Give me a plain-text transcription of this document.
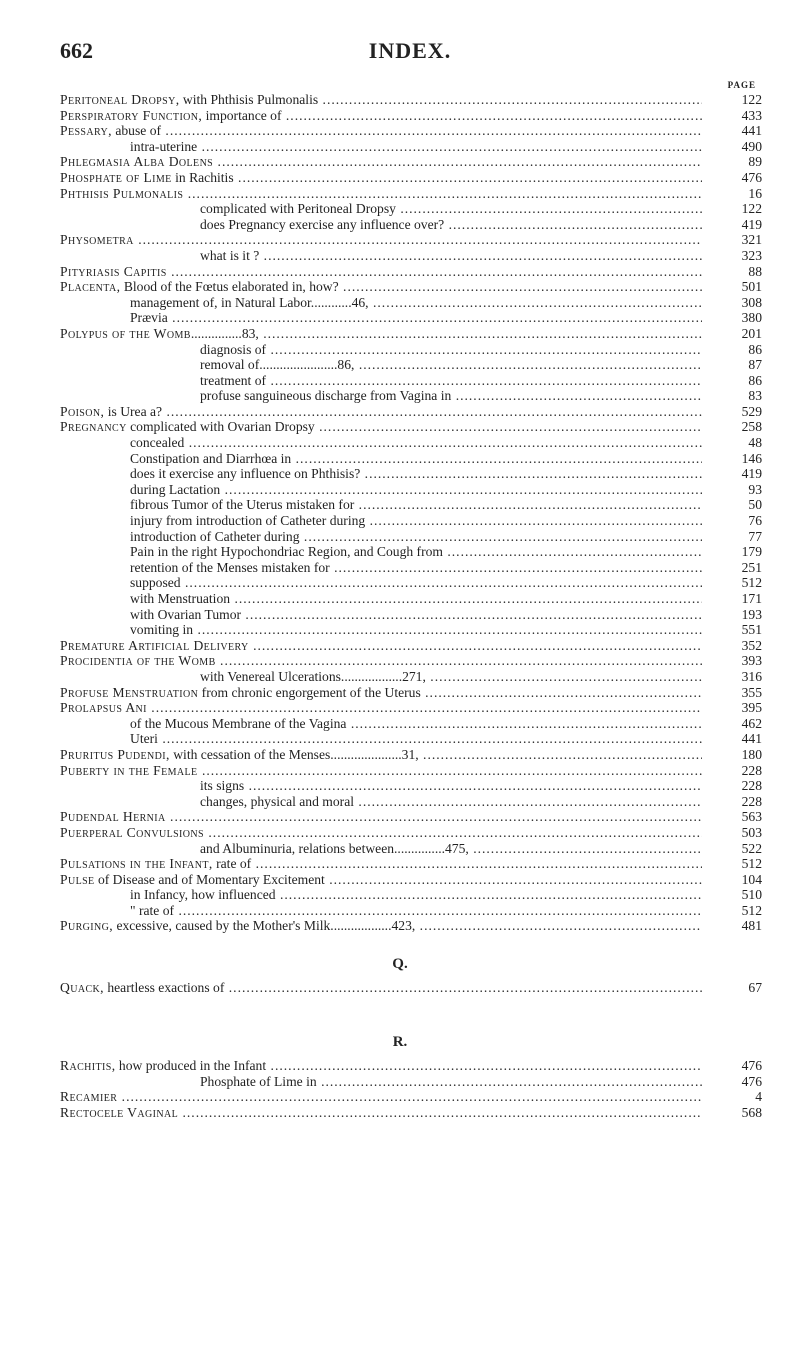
662	INDEX.
PAGE
Peritoneal Dropsy, with Phthisis Pulmonalis .....	122
Perspiratory Function, importance of .....	433
Pessary, abuse of .....	441
intra-uterine .....	490
Phlegmasia Alba Dolens .....	89
Phosphate of Lime in Rachitis .....	476
Phthisis Pulmonalis .....	16
complicated with Peritoneal Dropsy .....	122
does Pregnancy exercise any influence over? .....	419
Physometra .....	321
what is it ? .....	323
Pityriasis Capitis .....	88
Placenta, Blood of the Fœtus elaborated in, how? .....	501
management of, in Natural Labor............46, .....	308
Prævia .....	380
Polypus of the Womb...............83, .....	201
diagnosis of .....	86
removal of.......................86, .....	87
treatment of .....	86
profuse sanguineous discharge from Vagina in .....	83
Poison, is Urea a? .....	529
Pregnancy complicated with Ovarian Dropsy .....	258
concealed .....	48
Constipation and Diarrhœa in .....	146
does it exercise any influence on Phthisis? .....	419
during Lactation .....	93
fibrous Tumor of the Uterus mistaken for .....	50
injury from introduction of Catheter during .....	76
introduction of Catheter during .....	77
Pain in the right Hypochondriac Region, and Cough from .....	179
retention of the Menses mistaken for .....	251
supposed .....	512
with Menstruation .....	171
with Ovarian Tumor .....	193
vomiting in .....	551
Premature Artificial Delivery .....	352
Procidentia of the Womb .....	393
with Venereal Ulcerations..................271, .....	316
Profuse Menstruation from chronic engorgement of the Uterus .....	355
Prolapsus Ani .....	395
of the Mucous Membrane of the Vagina .....	462
Uteri .....	441
Pruritus Pudendi, with cessation of the Menses.....................31, .....	180
Puberty in the Female .....	228
its signs .....	228
changes, physical and moral .....	228
Pudendal Hernia .....	563
Puerperal Convulsions .....	503
and Albuminuria, relations between...............475, .....	522
Pulsations in the Infant, rate of .....	512
Pulse of Disease and of Momentary Excitement .....	104
in Infancy, how influenced .....	510
" rate of .....	512
Purging, excessive, caused by the Mother's Milk..................423, .....	481
Q.
Quack, heartless exactions of .....	67
R.
Rachitis, how produced in the Infant .....	476
Phosphate of Lime in .....	476
Recamier .....	4
Rectocele Vaginal .....	568
